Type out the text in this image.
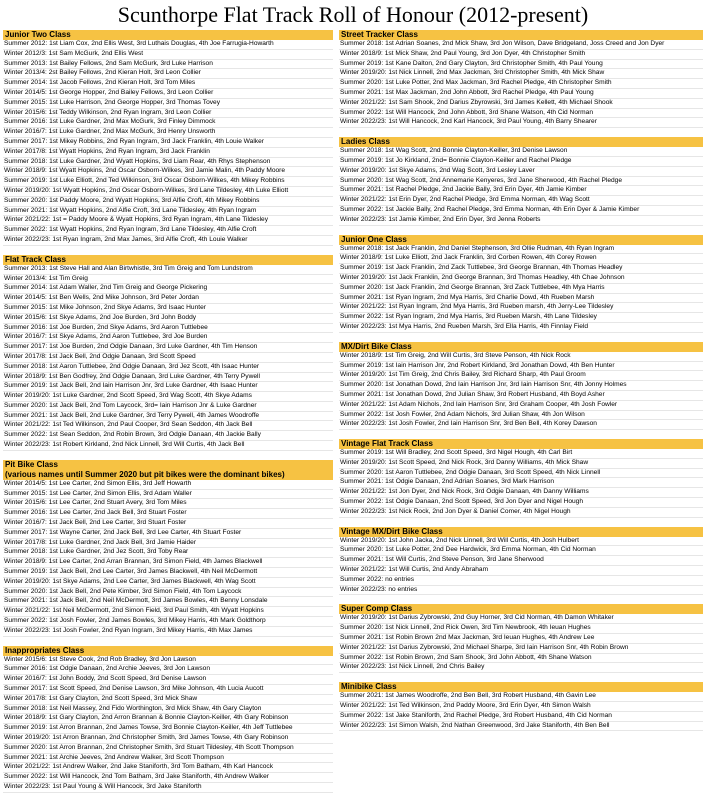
Scunthorpe Flat Track Roll of Honour (2012-present)
Junior Two Class
Summer 2012: 1st Liam Cox, 2nd Ellis West, 3rd Luthais Douglas, 4th Joe Farrugia-Howarth
Winter 2012/3: 1st Sam McGurk, 2nd Ellis West
Summer 2013: 1st Bailey Fellows, 2nd Sam McGurk, 3rd Luke Harrison
Winter 2013/4: 2st Bailey Fellows, 2nd Kieran Holt, 3rd Leon Collier
Summer 2014: 1st Jacob Fellows, 2nd Kieran Holt, 3rd Tom Miles
Winter 2014/5: 1st George Hopper, 2nd Bailey Fellows, 3rd Leon Collier
Summer 2015: 1st Luke Harrison, 2nd George Hopper, 3rd Thomas Tovey
Winter 2015/6: 1st Teddy Wilkinson, 2nd Ryan Ingram, 3rd Leon Collier
Summer 2016: 1st Luke Gardner, 2nd Max McGurk, 3rd Finley Dimmock
Winter 2016/7: 1st Luke Gardner, 2nd Max McGurk, 3rd Henry Unsworth
Summer 2017: 1st Mikey Robbins, 2nd Ryan Ingram, 3rd Jack Franklin, 4th Louie Walker
Winter 2017/8: 1st Wyatt Hopkins, 2nd Ryan Ingram, 3rd Jack Franklin
Summer 2018: 1st Luke Gardner, 2nd Wyatt Hopkins, 3rd Liam Rear, 4th Rhys Stephenson
Winter 2018/9: 1st Wyatt Hopkins, 2nd Oscar Osborn-Wilkes, 3rd Jamie Malin, 4th Paddy Moore
Summer 2019: 1st Luke Elliott, 2nd Ted Wilkinson, 3rd Oscar Osborn-Wilkes, 4th Mikey Robbins
Winter 2019/20: 1st Wyatt Hopkins, 2nd Oscar Osborn-Wilkes, 3rd Lane Tildesley, 4th Luke Elliott
Summer 2020: 1st Paddy Moore, 2nd Wyatt Hopkins, 3rd Alfie Croft, 4th Mikey Robbins
Summer 2021: 1st Wyatt Hopkins, 2nd Alfie Croft, 3rd Lane Tildesley, 4th Ryan Ingram
Winter 2021/22: 1st = Paddy Moore & Wyatt Hopkins, 3rd Ryan Ingram, 4th Lane Tildesley
Summer 2022: 1st Wyatt Hopkins, 2nd Ryan Ingram, 3rd Lane Tildesley, 4th Alfie Croft
Winter 2022/23: 1st Ryan Ingram, 2nd Max James, 3rd Alfie Croft, 4th Louie Walker
Flat Track Class
Summer 2013: 1st Steve Hall and Alan Birtwhistle, 3rd Tim Greig and Tom Lundstrom
Winter 2013/4: 1st Tim Greig
Summer 2014: 1st Adam Waller, 2nd Tim Greig and George Pickering
Winter 2014/5: 1st Ben Wells, 2nd Mike Johnson, 3rd Peter Jordan
Summer 2015: 1st Mike Johnson, 2nd Skye Adams, 3rd Isaac Hunter
Winter 2015/6: 1st Skye Adams, 2nd Joe Burden, 3rd John Boddy
Summer 2016: 1st Joe Burden, 2nd Skye Adams, 3rd Aaron Tuttlebee
Winter 2016/7: 1st Skye Adams, 2nd Aaron Tuttlebee, 3rd Joe Burden
Summer 2017: 1st Joe Burden, 2nd Odgie Danaan, 3rd Luke Gardner, 4th Tim Henson
Winter 2017/8: 1st Jack Bell, 2nd Odgie Danaan, 3rd Scott Speed
Summer 2018: 1st Aaron Tuttlebee, 2nd Odgie Danaan, 3rd Jez Scott, 4th Isaac Hunter
Winter 2018/9: 1st Ben Godfrey, 2nd Odgie Danaan, 3rd Luke Gardner, 4th Terry Pywell
Summer 2019: 1st Jack Bell, 2nd Iain Harrison Jnr, 3rd Luke Gardner, 4th Isaac Hunter
Winter 2019/20: 1st Luke Gardner, 2nd Scott Speed, 3rd Wag Scott, 4th Skye Adams
Summer 2020: 1st Jack Bell, 2nd Tom Laycock, 3rd= Iain Harrison Jnr & Luke Gardner
Summer 2021: 1st Jack Bell, 2nd Luke Gardner, 3rd Terry Pywell, 4th James Woodroffe
Winter 2021/22: 1st Ted Wilkinson, 2nd Paul Cooper, 3rd Sean Seddon, 4th Jack Bell
Summer 2022: 1st Sean Seddon, 2nd Robin Brown, 3rd Odgie Danaan, 4th Jackie Bally
Winter 2022/23: 1st Robert Kirkland, 2nd Nick Linnell, 3rd Will Curtis, 4th Jack Bell
Pit Bike Class
(various names until Summer 2020 but pit bikes were the dominant bikes)
Winter 2014/5: 1st Lee Carter, 2nd Simon Ellis, 3rd Jeff Howarth
Summer 2015: 1st Lee Carter, 2nd Simon Ellis, 3rd Adam Waller
Winter 2015/6: 1st Lee Carter, 2nd Stuart Avery, 3rd Tom Miles
Summer 2016: 1st Lee Carter, 2nd Jack Bell, 3rd Stuart Foster
Winter 2016/7: 1st Jack Bell, 2nd Lee Carter, 3rd Stuart Foster
Summer 2017: 1st Wayne Carter, 2nd Jack Bell, 3rd Lee Carter, 4th Stuart Foster
Winter 2017/8: 1st Luke Gardner, 2nd Jack Bell, 3rd Jamie Haider
Summer 2018: 1st Luke Gardner, 2nd Jez Scott, 3rd Toby Rear
Winter 2018/9: 1st Lee Carter, 2nd Arran Brannan, 3rd Simon Field, 4th James Blackwell
Summer 2019: 1st Jack Bell, 2nd Lee Carter, 3rd James Blackwell, 4th Neil McDermott
Winter 2019/20: 1st Skye Adams, 2nd Lee Carter, 3rd James Blackwell, 4th Wag Scott
Summer 2020: 1st Jack Bell, 2nd Pete Kimber, 3rd Simon Field, 4th Tom Laycock
Summer 2021: 1st Jack Bell, 2nd Neil McDermott, 3rd James Bowles, 4th Benny Lonsdale
Winter 2021/22: 1st Neil McDermott, 2nd Simon Field, 3rd Paul Smith, 4th Wyatt Hopkins
Summer 2022: 1st Josh Fowler, 2nd James Bowles, 3rd Mikey Harris, 4th Mark Goldthorp
Winter 2022/23: 1st Josh Fowler, 2nd Ryan Ingram, 3rd Mikey Harris, 4th Max James
Inappropriates Class
Winter 2015/6: 1st Steve Cook, 2nd Rob Bradley, 3rd Jon Lawson
Summer 2016: 1st Odgie Danaan, 2nd Archie Jeeves, 3rd Jon Lawson
Winter 2016/7: 1st John Boddy, 2nd Scott Speed, 3rd Denise Lawson
Summer 2017: 1st Scott Speed, 2nd Denise Lawson, 3rd Mike Johnson, 4th Lucia Aucott
Winter 2017/8: 1st Gary Clayton, 2nd Scott Speed, 3rd Mick Shaw
Summer 2018: 1st Neil Massey, 2nd Fido Worthington, 3rd Mick Shaw, 4th Gary Clayton
Winter 2018/9: 1st Gary Clayton, 2nd Arron Brannan & Bonnie Clayton-Keiller, 4th Gary Robinson
Summer 2019: 1st Arron Brannan, 2nd James Towse, 3rd Bonnie Clayton-Keiller, 4th Jeff Tuttlebee
Winter 2019/20: 1st Arron Brannan, 2nd Christopher Smith, 3rd James Towse, 4th Gary Robinson
Summer 2020: 1st Arron Brannan, 2nd Christopher Smith, 3rd Stuart Tildesley, 4th Scott Thompson
Summer 2021: 1st Archie Jeeves, 2nd Andrew Walker, 3rd Scott Thompson
Winter 2021/22: 1st Andrew Walker, 2nd Jake Staniforth, 3rd Tom Batham, 4th Karl Hancock
Summer 2022: 1st Will Hancock, 2nd Tom Batham, 3rd Jake Staniforth, 4th Andrew Walker
Winter 2022/23: 1st Paul Young & Will Hancock, 3rd Jake Staniforth
Street Tracker Class
Summer 2018: 1st Adrian Soanes, 2nd Mick Shaw, 3rd Jon Wilson, Dave Bridgeland, Joss Creed and Jon Dyer
Winter 2018/9: 1st Mick Shaw, 2nd Paul Young, 3rd Jon Dyer, 4th Christopher Smith
Summer 2019: 1st Kane Dalton, 2nd Gary Clayton, 3rd Christopher Smith, 4th Paul Young
Winter 2019/20: 1st Nick Linnell, 2nd Max Jackman, 3rd Christopher Smith, 4th Mick Shaw
Summer 2020: 1st Luke Potter, 2nd Max Jackman, 3rd Rachel Pledge, 4th Christopher Smith
Summer 2021: 1st Max Jackman, 2nd John Abbott, 3rd Rachel Pledge, 4th Paul Young
Winter 2021/22: 1st Sam Shook, 2nd Darius Zbyrowski, 3rd James Kellett, 4th Michael Shook
Summer 2022: 1st Will Hancock, 2nd John Abbott, 3rd Shane Watson, 4th Cid Norman
Winter 2022/23: 1st Will Hancock, 2nd Karl Hancock, 3rd Paul Young, 4th Barry Shearer
Ladies Class
Summer 2018: 1st Wag Scott, 2nd Bonnie Clayton-Keiller, 3rd Denise Lawson
Summer 2019: 1st Jo Kirkland, 2nd= Bonnie Clayton-Keiller and Rachel Pledge
Winter 2019/20: 1st Skye Adams, 2nd Wag Scott, 3rd Lesley Laver
Summer 2020: 1st Wag Scott, 2nd Annemarie Kenyeres, 3rd Jane Sherwood, 4th Rachel Pledge
Summer 2021: 1st Rachel Pledge, 2nd Jackie Bally, 3rd Erin Dyer, 4th Jamie Kimber
Winter 2021/22: 1st Erin Dyer, 2nd Rachel Pledge, 3rd Emma Norman, 4th Wag Scott
Summer 2022: 1st Jackie Bally, 2nd Rachel Pledge, 3rd Emma Norman, 4th Erin Dyer & Jamie Kimber
Winter 2022/23: 1st Jamie Kimber, 2nd Erin Dyer, 3rd Jenna Roberts
Junior One Class
Summer 2018: 1st Jack Franklin, 2nd Daniel Stephenson, 3rd Ollie Rudman, 4th Ryan Ingram
Winter 2018/9: 1st Luke Elliott, 2nd Jack Franklin, 3rd Corben Rowen, 4th Corey Rowen
Summer 2019: 1st Jack Franklin, 2nd Zack Tuttlebee, 3rd George Brannan, 4th Thomas Headley
Winter 2019/20: 1st Jack Franklin, 2nd George Brannan, 3rd Thomas Headley, 4th Chae Johnson
Summer 2020: 1st Jack Franklin, 2nd George Brannan, 3rd Zack Tuttlebee, 4th Mya Harris
Summer 2021: 1st Ryan Ingram, 2nd Mya Harris, 3rd Charlie Dowd, 4th Rueben Marsh
Winter 2021/22: 1st Ryan Ingram, 2nd Mya Harris, 3rd Rueben marsh, 4th Jerry-Lee Tildesley
Summer 2022: 1st Ryan Ingram, 2nd Mya Harris, 3rd Rueben Marsh, 4th Lane Tildesley
Winter 2022/23: 1st Mya Harris, 2nd Rueben Marsh, 3rd Ella Harris, 4th Finnlay Field
MX/Dirt Bike Class
Winter 2018/9: 1st Tim Greig, 2nd Will Curtis, 3rd Steve Penson, 4th Nick Rock
Summer 2019: 1st Iain Harrison Jnr, 2nd Robert Kirkland, 3rd Jonathan Dowd, 4th Ben Hunter
Winter 2019/20: 1st Tim Greig, 2nd Chris Bailey, 3rd Richard Sharp, 4th Paul Groom
Summer 2020: 1st Jonathan Dowd, 2nd Iain Harrison Jnr, 3rd Iain Harrison Snr, 4th Jonny Holmes
Summer 2021: 1st Jonathan Dowd, 2nd Julian Shaw, 3rd Robert Husband, 4th Boyd Asher
Winter 2021/22: 1st Adam Nichols, 2nd Iain Harrison Snr, 3rd Graham Cooper, 4th Josh Fowler
Summer 2022: 1st Josh Fowler, 2nd Adam Nichols, 3rd Julian Shaw, 4th Jon Wilson
Winter 2022/23: 1st Josh Fowler, 2nd Iain Harrison Snr, 3rd Ben Bell, 4th Korey Dawson
Vintage Flat Track Class
Summer 2019: 1st Will Bradley, 2nd Scott Speed, 3rd Nigel Hough, 4th Carl Birt
Winter 2019/20: 1st Scott Speed, 2nd Nick Rock, 3rd Danny Williams, 4th Mick Shaw
Summer 2020: 1st Aaron Tuttlebee, 2nd Odgie Danaan, 3rd Scott Speed, 4th Nick Linnell
Summer 2021: 1st Odgie Danaan, 2nd Adrian Soanes, 3rd Mark Harrison
Winter 2021/22: 1st Jon Dyer, 2nd Nick Rock, 3rd Odgie Danaan, 4th Danny Williams
Summer 2022: 1st Odgie Danaan, 2nd Scott Speed, 3rd Jon Dyer and Nigel Hough
Winter 2022/23: 1st Nick Rock, 2nd Jon Dyer & Daniel Comer, 4th Nigel Hough
Vintage MX/Dirt Bike Class
Winter 2019/20: 1st John Jacka, 2nd Nick Linnell, 3rd Will Curtis, 4th Josh Hulbert
Summer 2020: 1st Luke Potter, 2nd Dee Hardwick, 3rd Emma Norman, 4th Cid Norman
Summer 2021: 1st Will Curtis, 2nd Steve Penson, 3rd Jane Sherwood
Winter 2021/22: 1st Will Curtis, 2nd Andy Abraham
Summer 2022: no entries
Winter 2022/23: no entries
Super Comp Class
Winter 2019/20: 1st Darius Zybrowski, 2nd Guy Horner, 3rd Cid Norman, 4th Damon Whitaker
Summer 2020: 1st Nick Linnell, 2nd Rick Owen, 3rd Tim Newbrook, 4th Ieuan Hughes
Summer 2021: 1st Robin Brown 2nd Max Jackman, 3rd Ieuan Hughes, 4th Andrew Lee
Winter 2021/22: 1st Darius Zybrowski, 2nd Michael Sharpe, 3rd Iain Harrison Snr, 4th Robin Brown
Summer 2022: 1st Robin Brown, 2nd Sam Shook, 3rd John Abbott, 4th Shane Watson
Winter 2022/23: 1st Nick Linnell, 2nd Chris Bailey
Minibike Class
Summer 2021: 1st James Woodroffe, 2nd Ben Bell, 3rd Robert Husband, 4th Gavin Lee
Winter 2021/22: 1st Ted Wilkinson, 2nd Paddy Moore, 3rd Erin Dyer, 4th Simon Walsh
Summer 2022: 1st Jake Staniforth, 2nd Rachel Pledge, 3rd Robert Husband, 4th Cid Norman
Winter 2022/23: 1st Simon Walsh, 2nd Nathan Greenwood, 3rd Jake Staniforth, 4th Ben Bell
